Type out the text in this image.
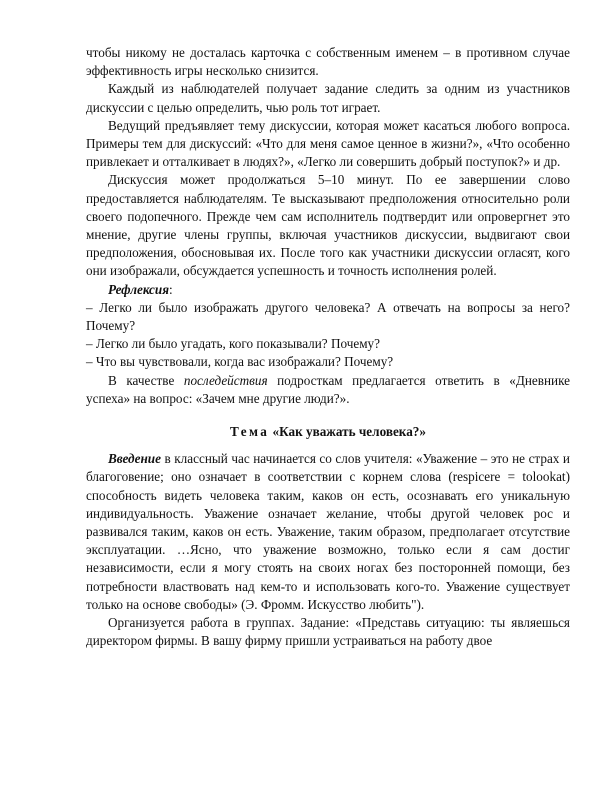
чтобы никому не досталась карточка с собственным именем – в противном случае эффективность игры несколько снизится.

Каждый из наблюдателей получает задание следить за одним из участников дискуссии с целью определить, чью роль тот играет.

Ведущий предъявляет тему дискуссии, которая может касаться любого вопроса. Примеры тем для дискуссий: «Что для меня самое ценное в жизни?», «Что особенно привлекает и отталкивает в людях?», «Легко ли совершить добрый поступок?» и др.

Дискуссия может продолжаться 5–10 минут. По ее завершении слово предоставляется наблюдателям. Те высказывают предположения относительно роли своего подопечного. Прежде чем сам исполнитель подтвердит или опровергнет это мнение, другие члены группы, включая участников дискуссии, выдвигают свои предположения, обосновывая их. После того как участники дискуссии огласят, кого они изображали, обсуждается успешность и точность исполнения ролей.

Рефлексия:

– Легко ли было изображать другого человека? А отвечать на вопросы за него? Почему?

– Легко ли было угадать, кого показывали? Почему?

– Что вы чувствовали, когда вас изображали? Почему?

В качестве последействия подросткам предлагается ответить в «Дневнике успеха» на вопрос: «Зачем мне другие люди?».

Тема «Как уважать человека?»

Введение в классный час начинается со слов учителя: «Уважение – это не страх и благоговение; оно означает в соответствии с корнем слова (respicere = tolookat) способность видеть человека таким, каков он есть, осознавать его уникальную индивидуальность. Уважение означает желание, чтобы другой человек рос и развивался таким, каков он есть. Уважение, таким образом, предполагает отсутствие эксплуатации. …Ясно, что уважение возможно, только если я сам достиг независимости, если я могу стоять на своих ногах без посторонней помощи, без потребности властвовать над кем-то и использовать кого-то. Уважение существует только на основе свободы» (Э. Фромм. Искусство любить").

Организуется работа в группах. Задание: «Представь ситуацию: ты являешься директором фирмы. В вашу фирму пришли устраиваться на работу двое
